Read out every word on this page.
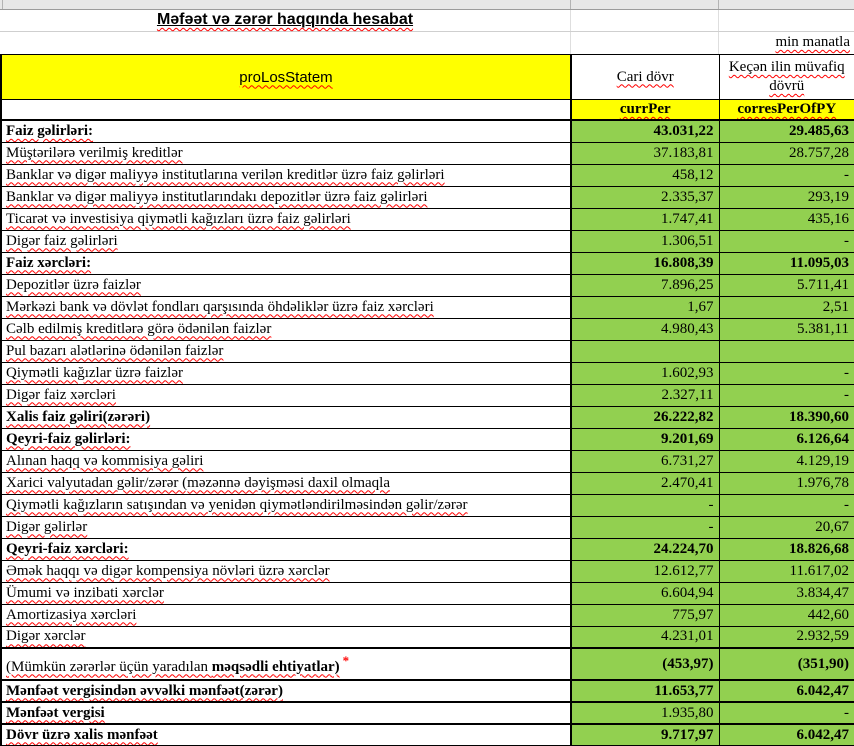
Məfəət və zərər haqqında hesabat
min manatla
proLosStatem	Cari dövr	Keçən ilin müvafiq dövrü
	currPer	corresPerOfPY
Faiz gəlirləri:	43.031,22	29.485,63
Müştərilərə verilmiş kreditlər	37.183,81	28.757,28
Banklar və digər maliyyə institutlarına verilən kreditlər üzrə faiz gəlirləri	458,12	-
Banklar və digər maliyyə institutlarındakı depozitlər üzrə faiz gəlirləri	2.335,37	293,19
Ticarət və investisiya qiymətli kağızları üzrə faiz gəlirləri	1.747,41	435,16
Digər faiz gəlirləri	1.306,51	-
Faiz xərcləri:	16.808,39	11.095,03
Depozitlər üzrə faizlər	7.896,25	5.711,41
Mərkəzi bank və dövlət fondları qarşısında öhdəliklər üzrə faiz xərcləri	1,67	2,51
Cəlb edilmiş kreditlərə görə ödənilən faizlər	4.980,43	5.381,11
Pul bazarı alətlərinə ödənilən faizlər		
Qiymətli kağızlar üzrə faizlər	1.602,93	-
Digər faiz xərcləri	2.327,11	-
Xalis faiz gəliri(zərəri)	26.222,82	18.390,60
Qeyri-faiz gəlirləri:	9.201,69	6.126,64
Alınan haqq və kommisiya gəliri	6.731,27	4.129,19
Xarici valyutadan gəlir/zərər (məzənnə dəyişməsi daxil olmaqla	2.470,41	1.976,78
Qiymətli kağızların satışından və yenidən qiymətləndirilməsindən gəlir/zərər	-	-
Digər gəlirlər	-	20,67
Qeyri-faiz xərcləri:	24.224,70	18.826,68
Əmək haqqı və digər kompensiya növləri üzrə xərclər	12.612,77	11.617,02
Ümumi və inzibati xərclər	6.604,94	3.834,47
Amortizasiya xərcləri	775,97	442,60
Digər xərclər	4.231,01	2.932,59
(Mümkün zərərlər üçün yaradılan məqsədli ehtiyatlar) *	(453,97)	(351,90)
Mənfəət vergisindən əvvəlki mənfəət(zərər)	11.653,77	6.042,47
Mənfəət vergisi	1.935,80	-
Dövr üzrə xalis mənfəət	9.717,97	6.042,47
